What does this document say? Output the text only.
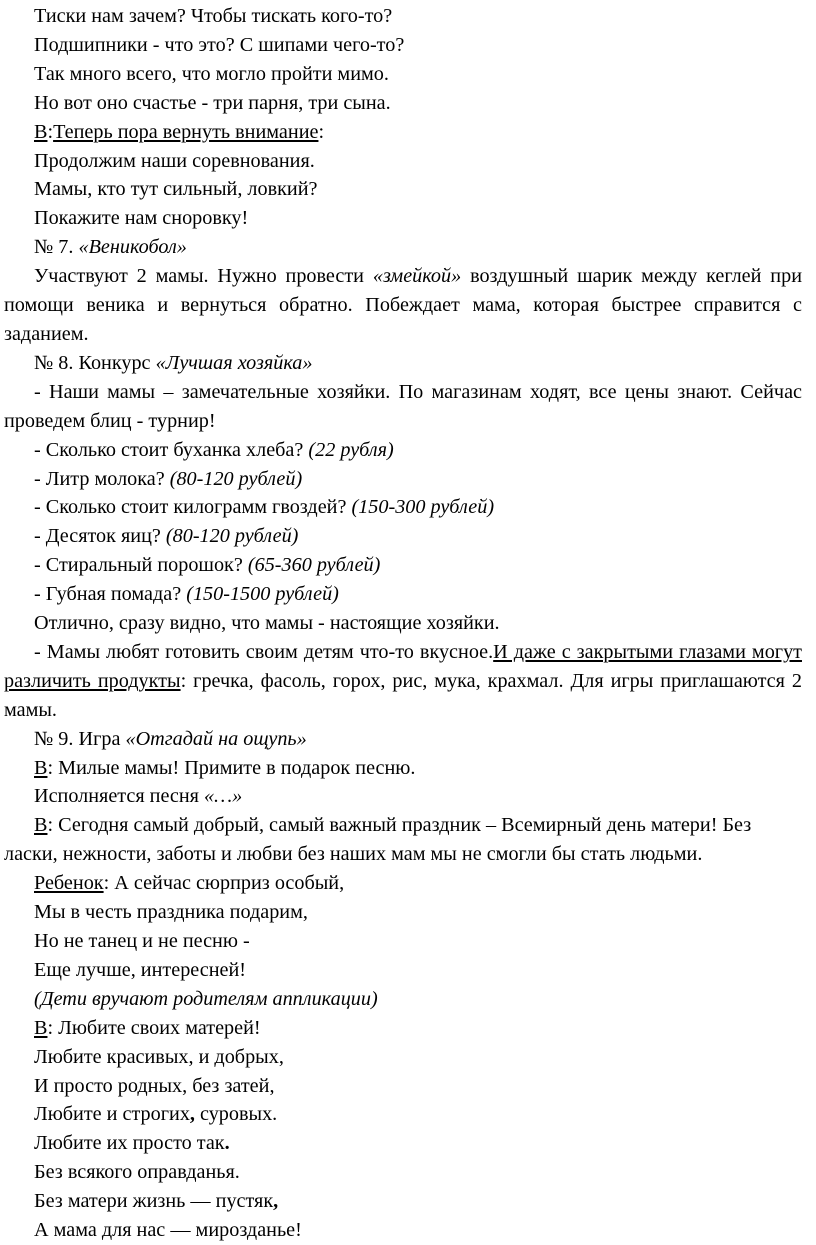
Тиски нам зачем? Чтобы тискать кого-то?

Подшипники - что это? С шипами чего-то?

Так много всего, что могло пройти мимо.

Но вот оно счастье - три парня, три сына.

В:Теперь пора вернуть внимание:

Продолжим наши соревнования.

Мамы, кто тут сильный, ловкий?

Покажите нам сноровку!

№ 7. «Веникобол»

Участвуют 2 мамы. Нужно провести «змейкой» воздушный шарик между кеглей при помощи веника и вернуться обратно. Побеждает мама, которая быстрее справится с заданием.

№ 8. Конкурс «Лучшая хозяйка»

- Наши мамы – замечательные хозяйки. По магазинам ходят, все цены знают. Сейчас проведем блиц - турнир!

- Сколько стоит буханка хлеба? (22 рубля)

- Литр молока? (80-120 рублей)

- Сколько стоит килограмм гвоздей? (150-300 рублей)

- Десяток яиц? (80-120 рублей)

- Стиральный порошок? (65-360 рублей)

- Губная помада? (150-1500 рублей)

Отлично, сразу видно, что мамы - настоящие хозяйки.

- Мамы любят готовить своим детям что-то вкусное.И даже с закрытыми глазами могут различить продукты: гречка, фасоль, горох, рис, мука, крахмал. Для игры приглашаются 2 мамы.

№ 9. Игра «Отгадай на ощупь»

В: Милые мамы! Примите в подарок песню.

Исполняется песня «…»

В: Сегодня самый добрый, самый важный праздник – Всемирный день матери! Без ласки, нежности, заботы и любви без наших мам мы не смогли бы стать людьми.

Ребенок: А сейчас сюрприз особый,

Мы в честь праздника подарим,

Но не танец и не песню -

Еще лучше, интересней!

(Дети вручают родителям аппликации)

В: Любите своих матерей!

Любите красивых, и добрых,

И просто родных, без затей,

Любите и строгих, суровых.

Любите их просто так.

Без всякого оправданья.

Без матери жизнь — пустяк,

А мама для нас — мирозданье!
